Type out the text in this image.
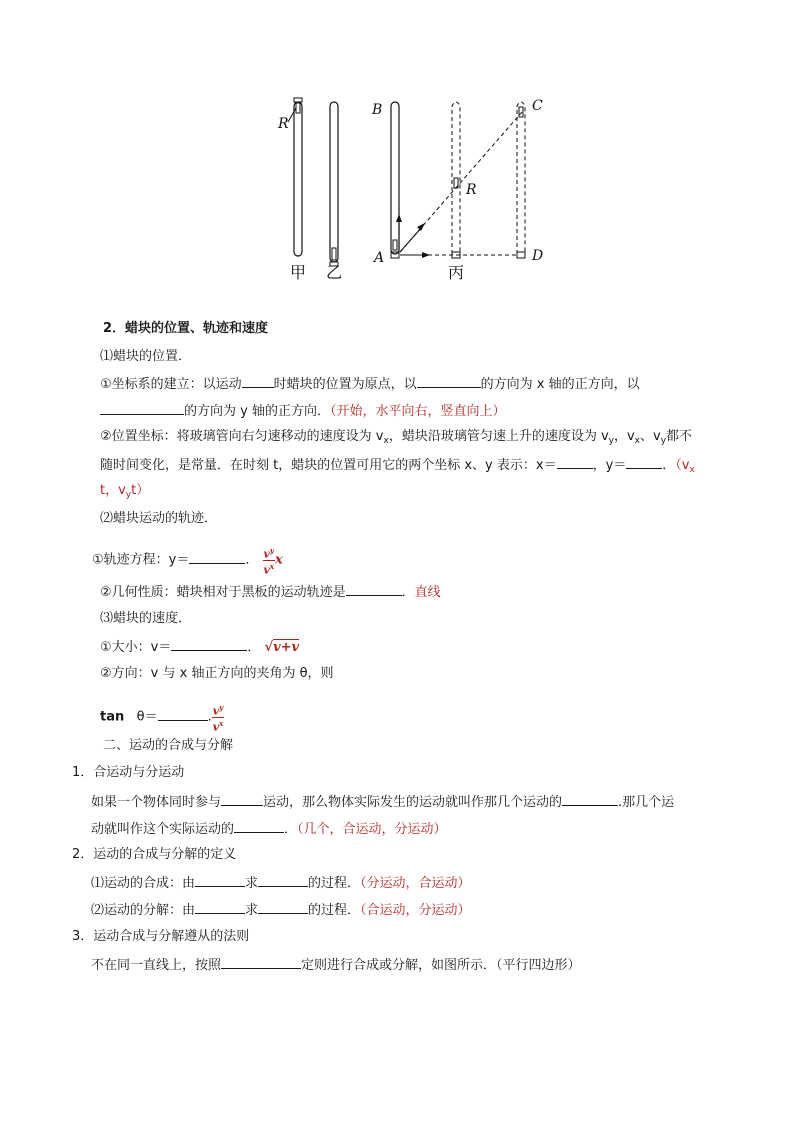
R
B
A
C
D
R
甲 乙	丙
2．蜡块的位置、轨迹和速度
⑴蜡块的位置．
①坐标系的建立：以运动 时蜡块的位置为原点，以	的方向为 x 轴的正方向，以
的方向为 y 轴的正方向．（开始，水平向右，竖直向上）
②位置坐标：将玻璃管向右匀速移动的速度设为 $v_x$，蜡块沿玻璃管匀速上升的速度设为 $v_y$，$v_x$、$v_y$都不
随时间变化，是常量．在时刻 t，蜡块的位置可用它的两个坐标 x、y 表示：x＝	，y＝	．（$v_x$
t，$v_yt$）
⑵蜡块运动的轨迹．
①轨迹方程：y＝	． $\frac{v^y}{v^x}$ x
②几何性质：蜡块相对于黑板的运动轨迹是	．直线
⑶蜡块的速度．
①大小：v＝	． √v+v
②方向：v 与 x 轴正方向的夹角为 θ，则
tan θ＝	. $\frac{v^y}{v^x}$
二、运动的合成与分解
1．合运动与分运动
如果一个物体同时参与	运动，那么物体实际发生的运动就叫作那几个运动的	.那几个运
动就叫作这个实际运动的	．（几个，合运动，分运动）
2．运动的合成与分解的定义
⑴运动的合成：由	求	的过程．（分运动，合运动）
⑵运动的分解：由	求	的过程．（合运动，分运动）
3．运动合成与分解遵从的法则
不在同一直线上，按照	定则进行合成或分解，如图所示．（平行四边形）
